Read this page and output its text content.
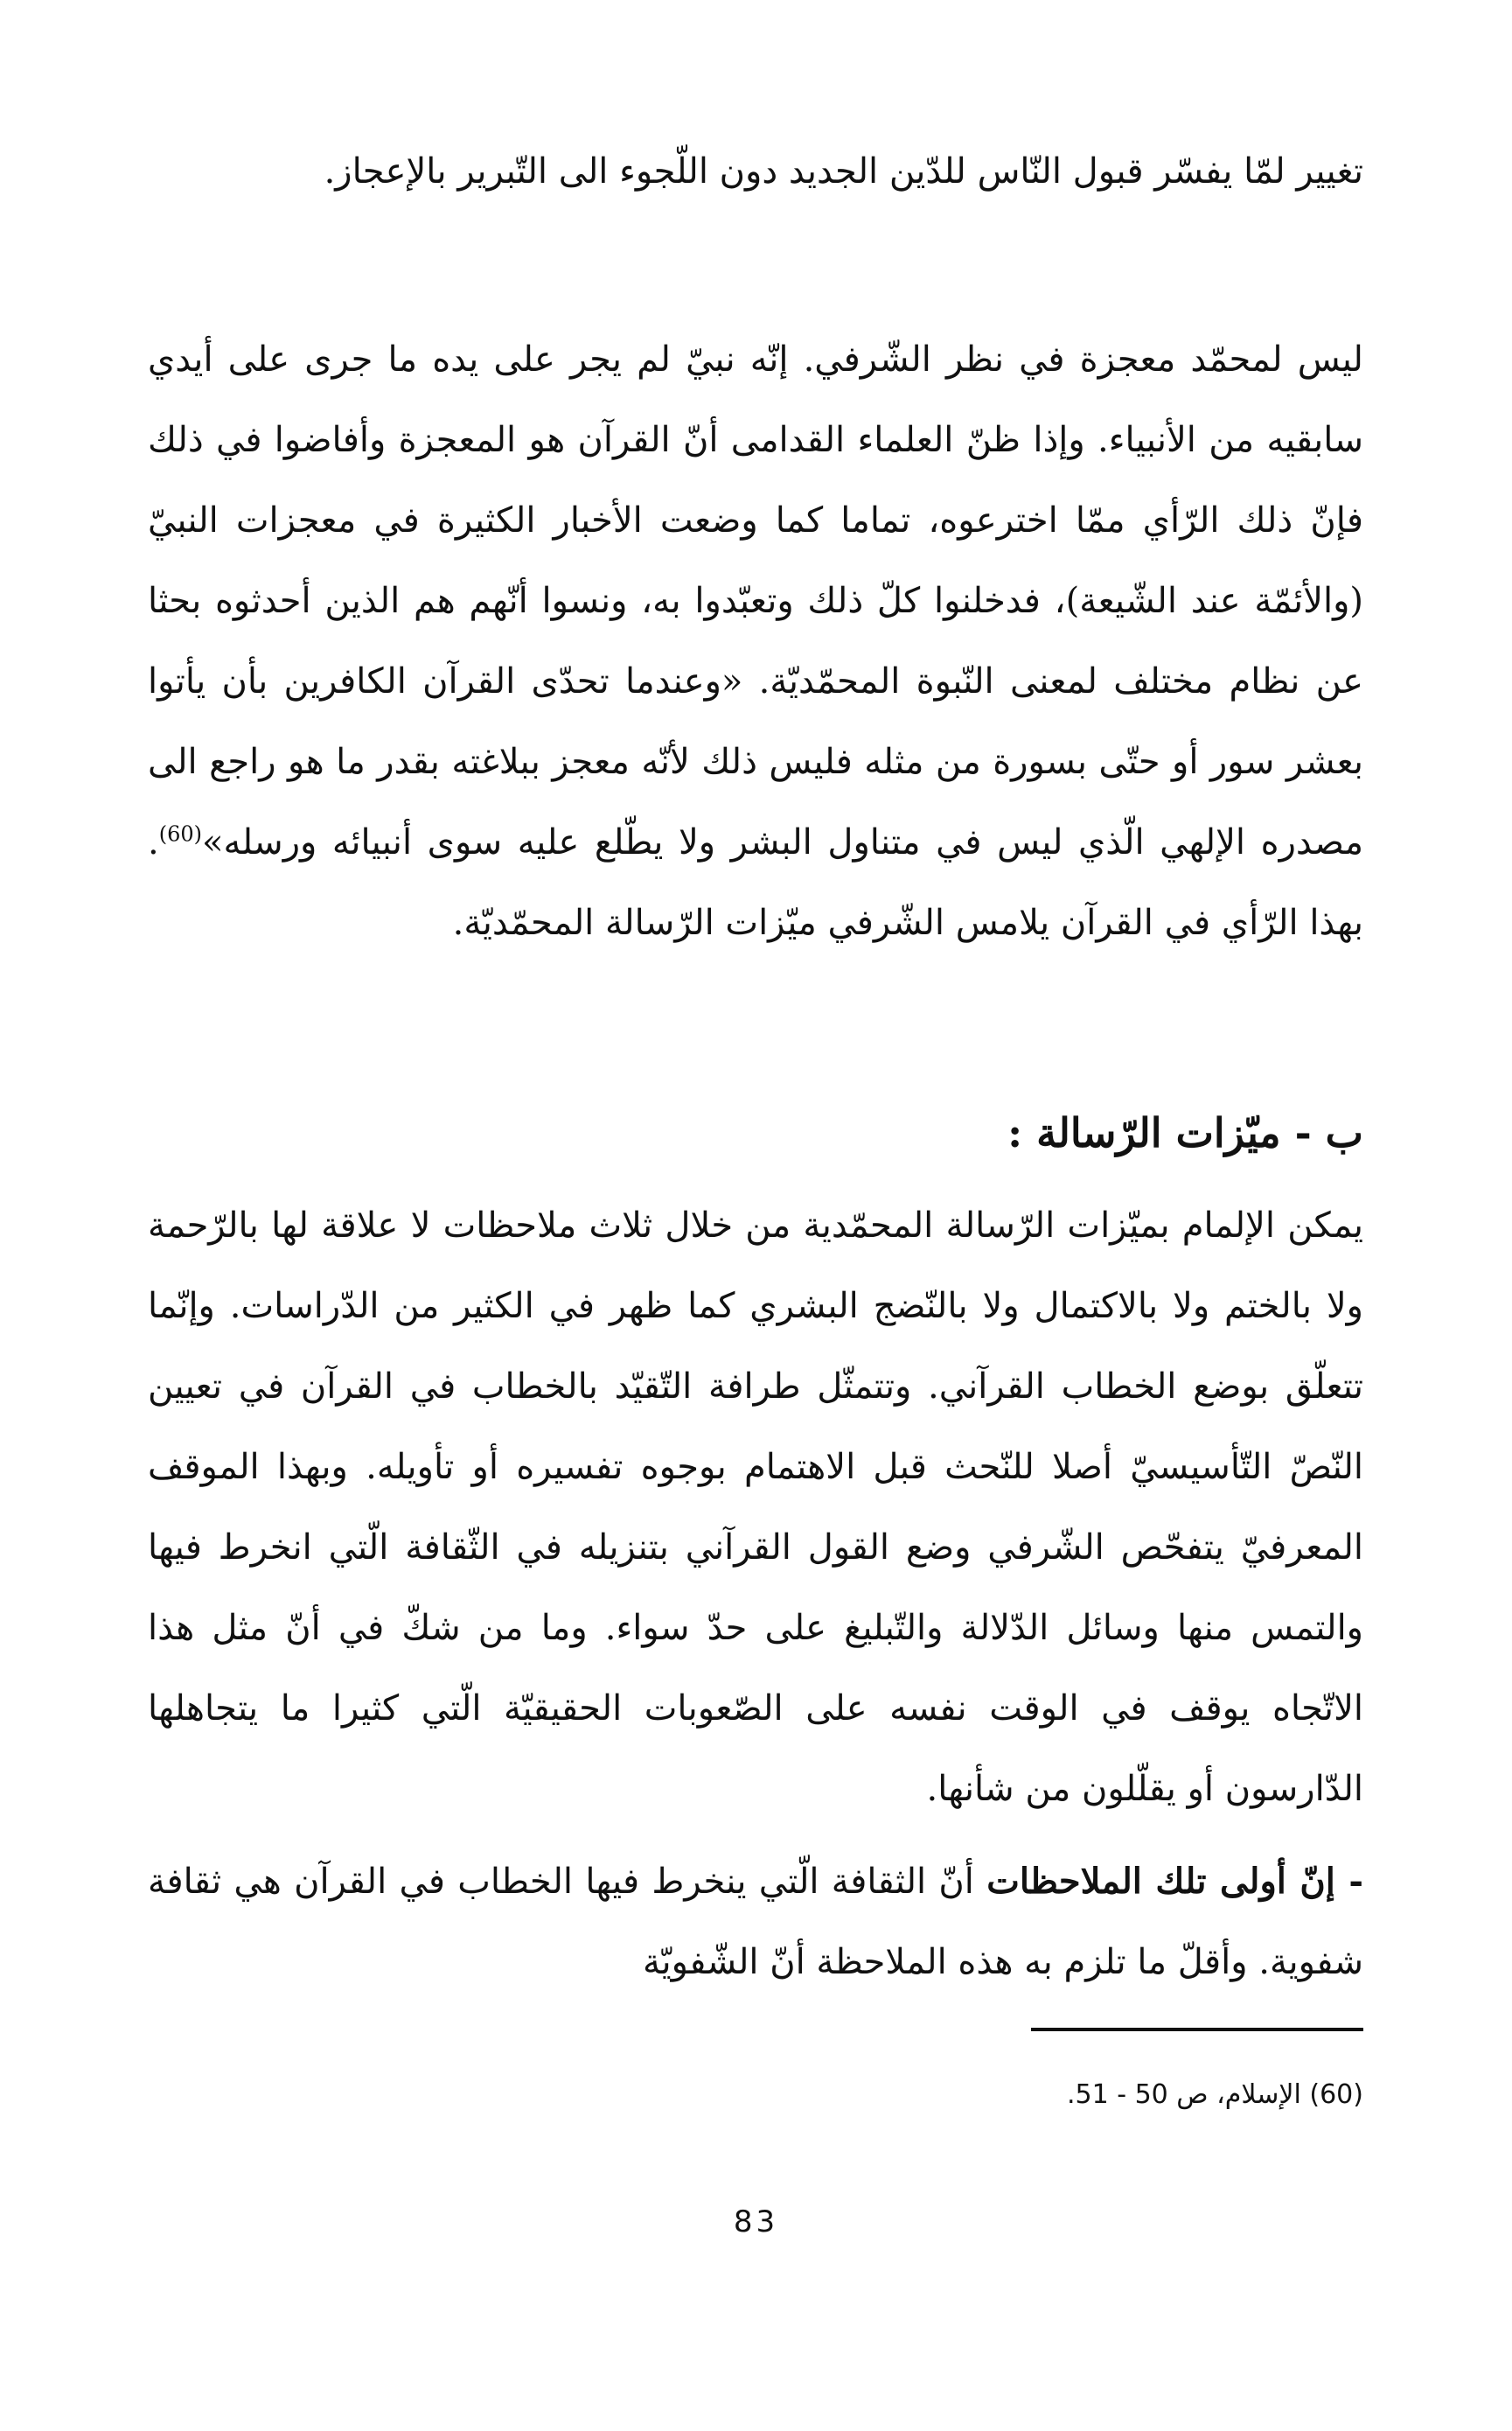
تغيير لمّا يفسّر قبول النّاس للدّين الجديد دون اللّجوء الى التّبرير بالإعجاز.

ليس لمحمّد معجزة في نظر الشّرفي. إنّه نبيّ لم يجر على يده ما جرى على أيدي سابقيه من الأنبياء. وإذا ظنّ العلماء القدامى أنّ القرآن هو المعجزة وأفاضوا في ذلك فإنّ ذلك الرّأي ممّا اخترعوه، تماما كما وضعت الأخبار الكثيرة في معجزات النبيّ (والأئمّة عند الشّيعة)، فدخلنوا كلّ ذلك وتعبّدوا به، ونسوا أنّهم هم الذين أحدثوه بحثا عن نظام مختلف لمعنى النّبوة المحمّديّة. «وعندما تحدّى القرآن الكافرين بأن يأتوا بعشر سور أو حتّى بسورة من مثله فليس ذلك لأنّه معجز ببلاغته بقدر ما هو راجع الى مصدره الإلهي الّذي ليس في متناول البشر ولا يطّلع عليه سوى أنبيائه ورسله»$^{(60)}$. بهذا الرّأي في القرآن يلامس الشّرفي ميّزات الرّسالة المحمّديّة.

ب - ميّزات الرّسالة :

يمكن الإلمام بميّزات الرّسالة المحمّدية من خلال ثلاث ملاحظات لا علاقة لها بالرّحمة ولا بالختم ولا بالاكتمال ولا بالنّضج البشري كما ظهر في الكثير من الدّراسات. وإنّما تتعلّق بوضع الخطاب القرآني. وتتمثّل طرافة التّقيّد بالخطاب في القرآن في تعيين النّصّ التّأسيسيّ أصلا للنّحث قبل الاهتمام بوجوه تفسيره أو تأويله. وبهذا الموقف المعرفيّ يتفحّص الشّرفي وضع القول القرآني بتنزيله في الثّقافة الّتي انخرط فيها والتمس منها وسائل الدّلالة والتّبليغ على حدّ سواء. وما من شكّ في أنّ مثل هذا الاتّجاه يوقف في الوقت نفسه على الصّعوبات الحقيقيّة الّتي كثيرا ما يتجاهلها الدّارسون أو يقلّلون من شأنها.

- إنّ أولى تلك الملاحظات أنّ الثقافة الّتي ينخرط فيها الخطاب في القرآن هي ثقافة شفوية. وأقلّ ما تلزم به هذه الملاحظة أنّ الشّفويّة

(60) الإسلام، ص 50 - 51.

83
